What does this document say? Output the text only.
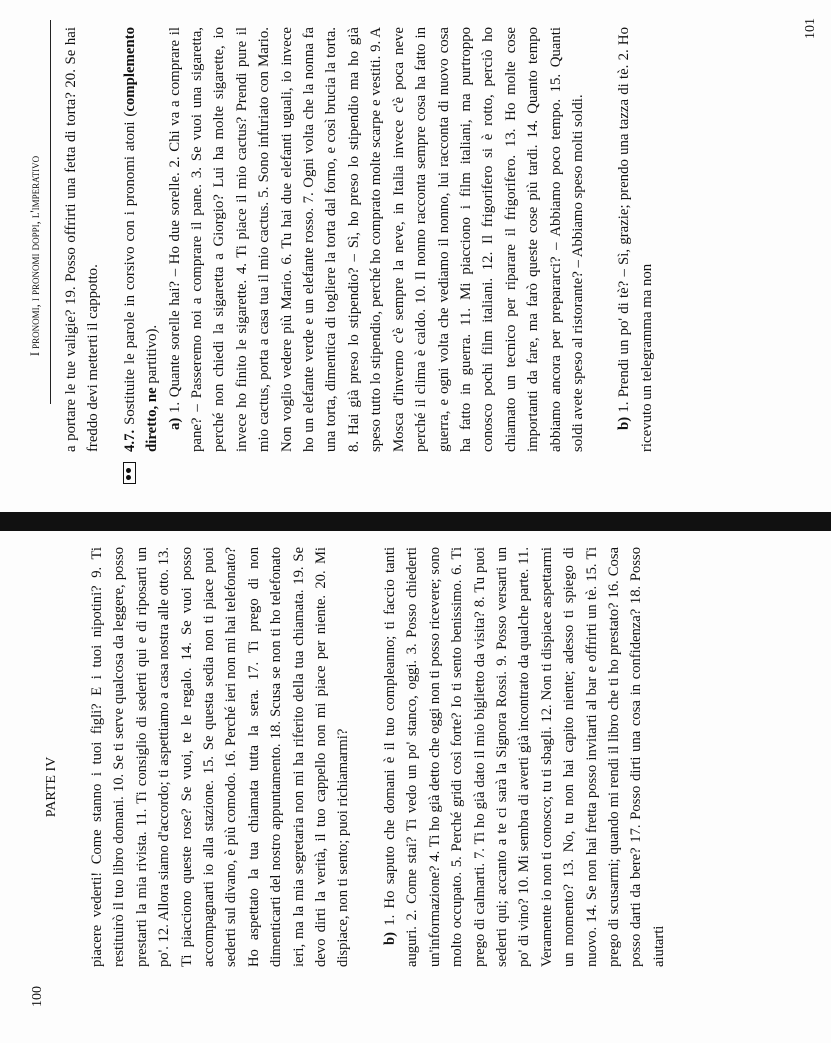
100
PARTE IV piacere vederti! Come stanno i tuoi figli? E i tuoi nipotini? 9. Ti restituirò il tuo libro domani. 10. Se ti serve qualcosa da leggere, posso prestarti la mia rivista. 11. Ti consiglio di sederti qui e di riposarti un po'. 12. Allora siamo d'accordo; ti aspettiamo a casa nostra alle otto. 13. Ti piacciono queste rose? Se vuoi, te le regalo. 14. Se vuoi posso accompagnarti io alla stazione. 15. Se questa sedia non ti piace puoi sederti sul divano, è più comodo. 16. Perché ieri non mi hai telefonato? Ho aspettato la tua chiamata tutta la sera. 17. Ti prego di non dimenticarti del nostro appuntamento. 18. Scusa se non ti ho telefonato ieri, ma la mia segretaria non mi ha riferito della tua chiamata. 19. Se devo dirti la verità, il tuo cappello non mi piace per niente. 20. Mi dispiace, non ti sento; puoi richiamarmi? b) 1. Ho saputo che domani è il tuo compleanno; ti faccio tanti auguri. 2. Come stai? Ti vedo un po' stanco, oggi. 3. Posso chiederti un'informazione? 4. Ti ho già detto che oggi non ti posso ricevere; sono molto occupato. 5. Perché gridi così forte? Io ti sento benissimo. 6. Ti prego di calmarti. 7. Ti ho già dato il mio biglietto da visita? 8. Tu puoi sederti qui; accanto a te ci sarà la Signora Rossi. 9. Posso versarti un po' di vino? 10. Mi sembra di averti già incontrato da qualche parte. 11. Veramente io non ti conosco; tu ti sbagli. 12. Non ti dispiace aspettarmi un momento? 13. No, tu non hai capito niente; adesso ti spiego di nuovo. 14. Se non hai fretta posso invitarti al bar e offrirti un tè. 15. Ti prego di scusarmi; quando mi rendi il libro che ti ho prestato? 16. Cosa posso darti da bere? 17. Posso dirti una cosa in confidenza? 18. Posso aiutarti

I pronomi, i pronomi doppi, l'imperativo a portare le tue valigie? 19. Posso offrirti una fetta di torta? 20. Se hai freddo devi metterti il cappotto. 4.7. Sostituite le parole in corsivo con i pronomi atoni (complemento diretto, ne partitivo).

a) 1. Quante sorelle hai? – Ho due sorelle. 2. Chi va a comprare il pane? – Passeremo noi a comprare il pane. 3. Se vuoi una sigaretta, perché non chiedi la sigaretta a Giorgio? Lui ha molte sigarette, io invece ho finito le sigarette. 4. Ti piace il mio cactus? Prendi pure il mio cactus, porta a casa tua il mio cactus. 5. Sono infuriato con Mario. Non voglio vedere più Mario. 6. Tu hai due elefanti uguali, io invece ho un elefante verde e un elefante rosso. 7. Ogni volta che la nonna fa una torta, dimentica di togliere la torta dal forno, e così brucia la torta. 8. Hai già preso lo stipendio? – Sì, ho preso lo stipendio ma ho già speso tutto lo stipendio, perché ho comprato molte scarpe e vestiti. 9. A Mosca d'inverno c'è sempre la neve, in Italia invece c'è poca neve perché il clima è caldo. 10. Il nonno racconta sempre cosa ha fatto in guerra, e ogni volta che vediamo il nonno, lui racconta di nuovo cosa ha fatto in guerra. 11. Mi piacciono i film italiani, ma purtroppo conosco pochi film italiani. 12. Il frigorifero si è rotto, perciò ho chiamato un tecnico per riparare il frigorifero. 13. Ho molte cose importanti da fare, ma farò queste cose più tardi. 14. Quanto tempo abbiamo ancora per prepararci? – Abbiamo poco tempo. 15. Quanti soldi avete speso al ristorante? – Abbiamo speso molti soldi. b) 1. Prendi un po' di tè? – Sì, grazie; prendo una tazza di tè. 2. Ho ricevuto un telegramma ma non

101
